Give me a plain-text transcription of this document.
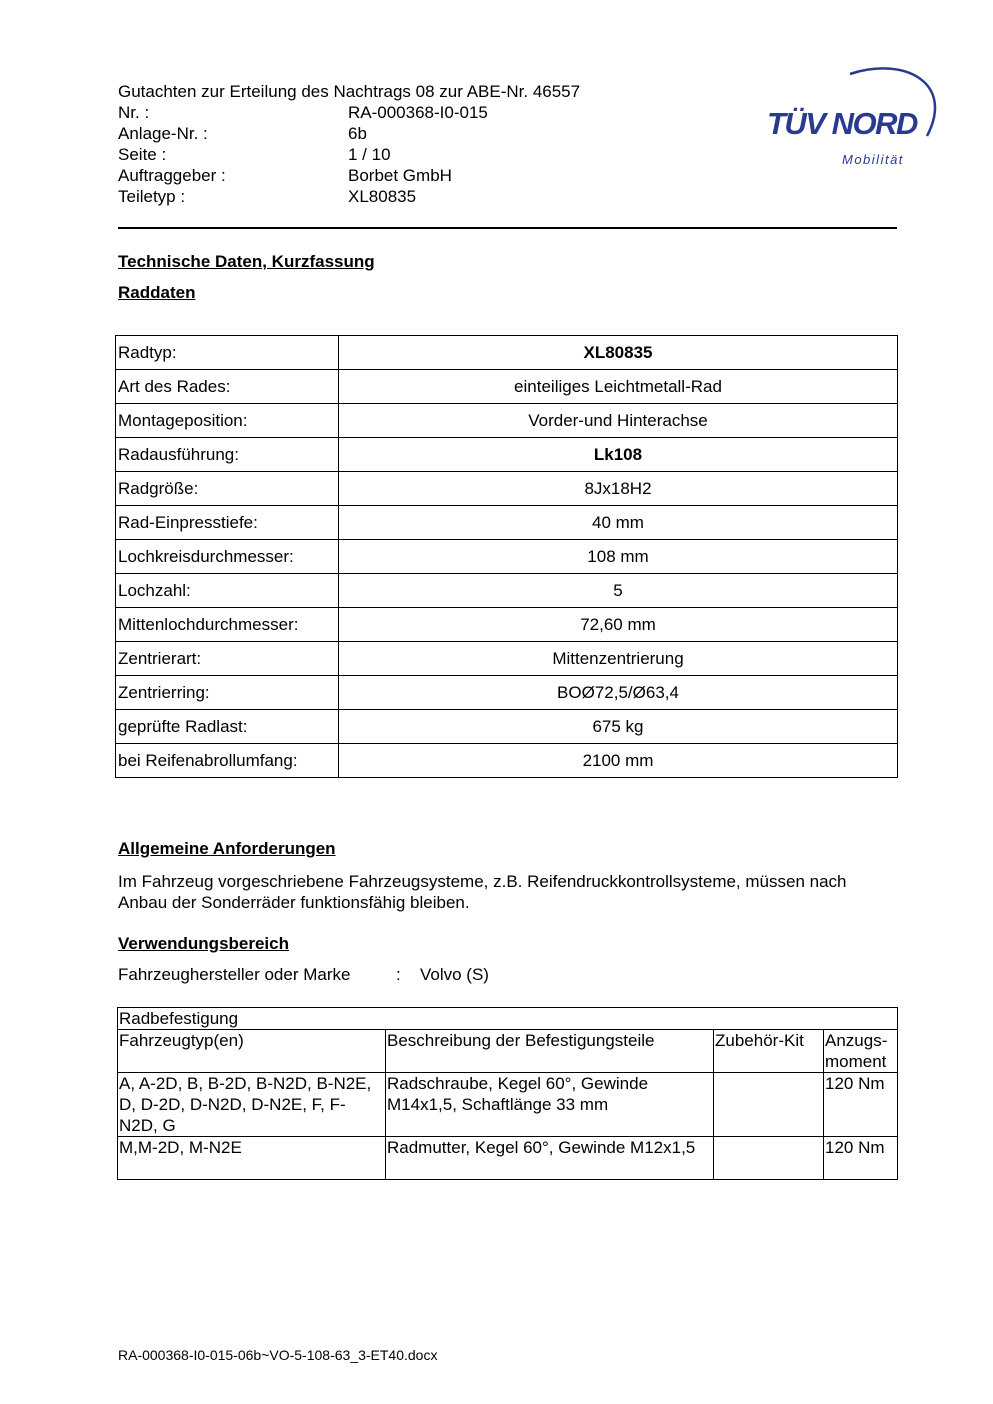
Gutachten zur Erteilung des Nachtrags 08 zur ABE-Nr. 46557
Nr. :	RA-000368-I0-015
Anlage-Nr. :	6b
Seite :	1 / 10
Auftraggeber :	Borbet GmbH
Teiletyp :	XL80835
TÜV NORD
Mobilität
Technische Daten, Kurzfassung
Raddaten
Radtyp:	XL80835
Art des Rades:	einteiliges Leichtmetall-Rad
Montageposition:	Vorder-und Hinterachse
Radausführung:	Lk108
Radgröße:	8Jx18H2
Rad-Einpresstiefe:	40 mm
Lochkreisdurchmesser:	108 mm
Lochzahl:	5
Mittenlochdurchmesser:	72,60 mm
Zentrierart:	Mittenzentrierung
Zentrierring:	BOØ72,5/Ø63,4
geprüfte Radlast:	675 kg
bei Reifenabrollumfang:	2100 mm
Allgemeine Anforderungen
Im Fahrzeug vorgeschriebene Fahrzeugsysteme, z.B. Reifendruckkontrollsysteme, müssen nach Anbau der Sonderräder funktionsfähig bleiben.
Verwendungsbereich
Fahrzeughersteller oder Marke	: Volvo (S)
Radbefestigung			
Fahrzeugtyp(en)	Beschreibung der Befestigungsteile	Zubehör-Kit	Anzugs-moment
A, A-2D, B, B-2D, B-N2D, B-N2E, D, D-2D, D-N2D, D-N2E, F, F-N2D, G	Radschraube, Kegel 60°, Gewinde M14x1,5, Schaftlänge 33 mm		120 Nm
M,M-2D, M-N2E	Radmutter, Kegel 60°, Gewinde M12x1,5		120 Nm
RA-000368-I0-015-06b~VO-5-108-63_3-ET40.docx
